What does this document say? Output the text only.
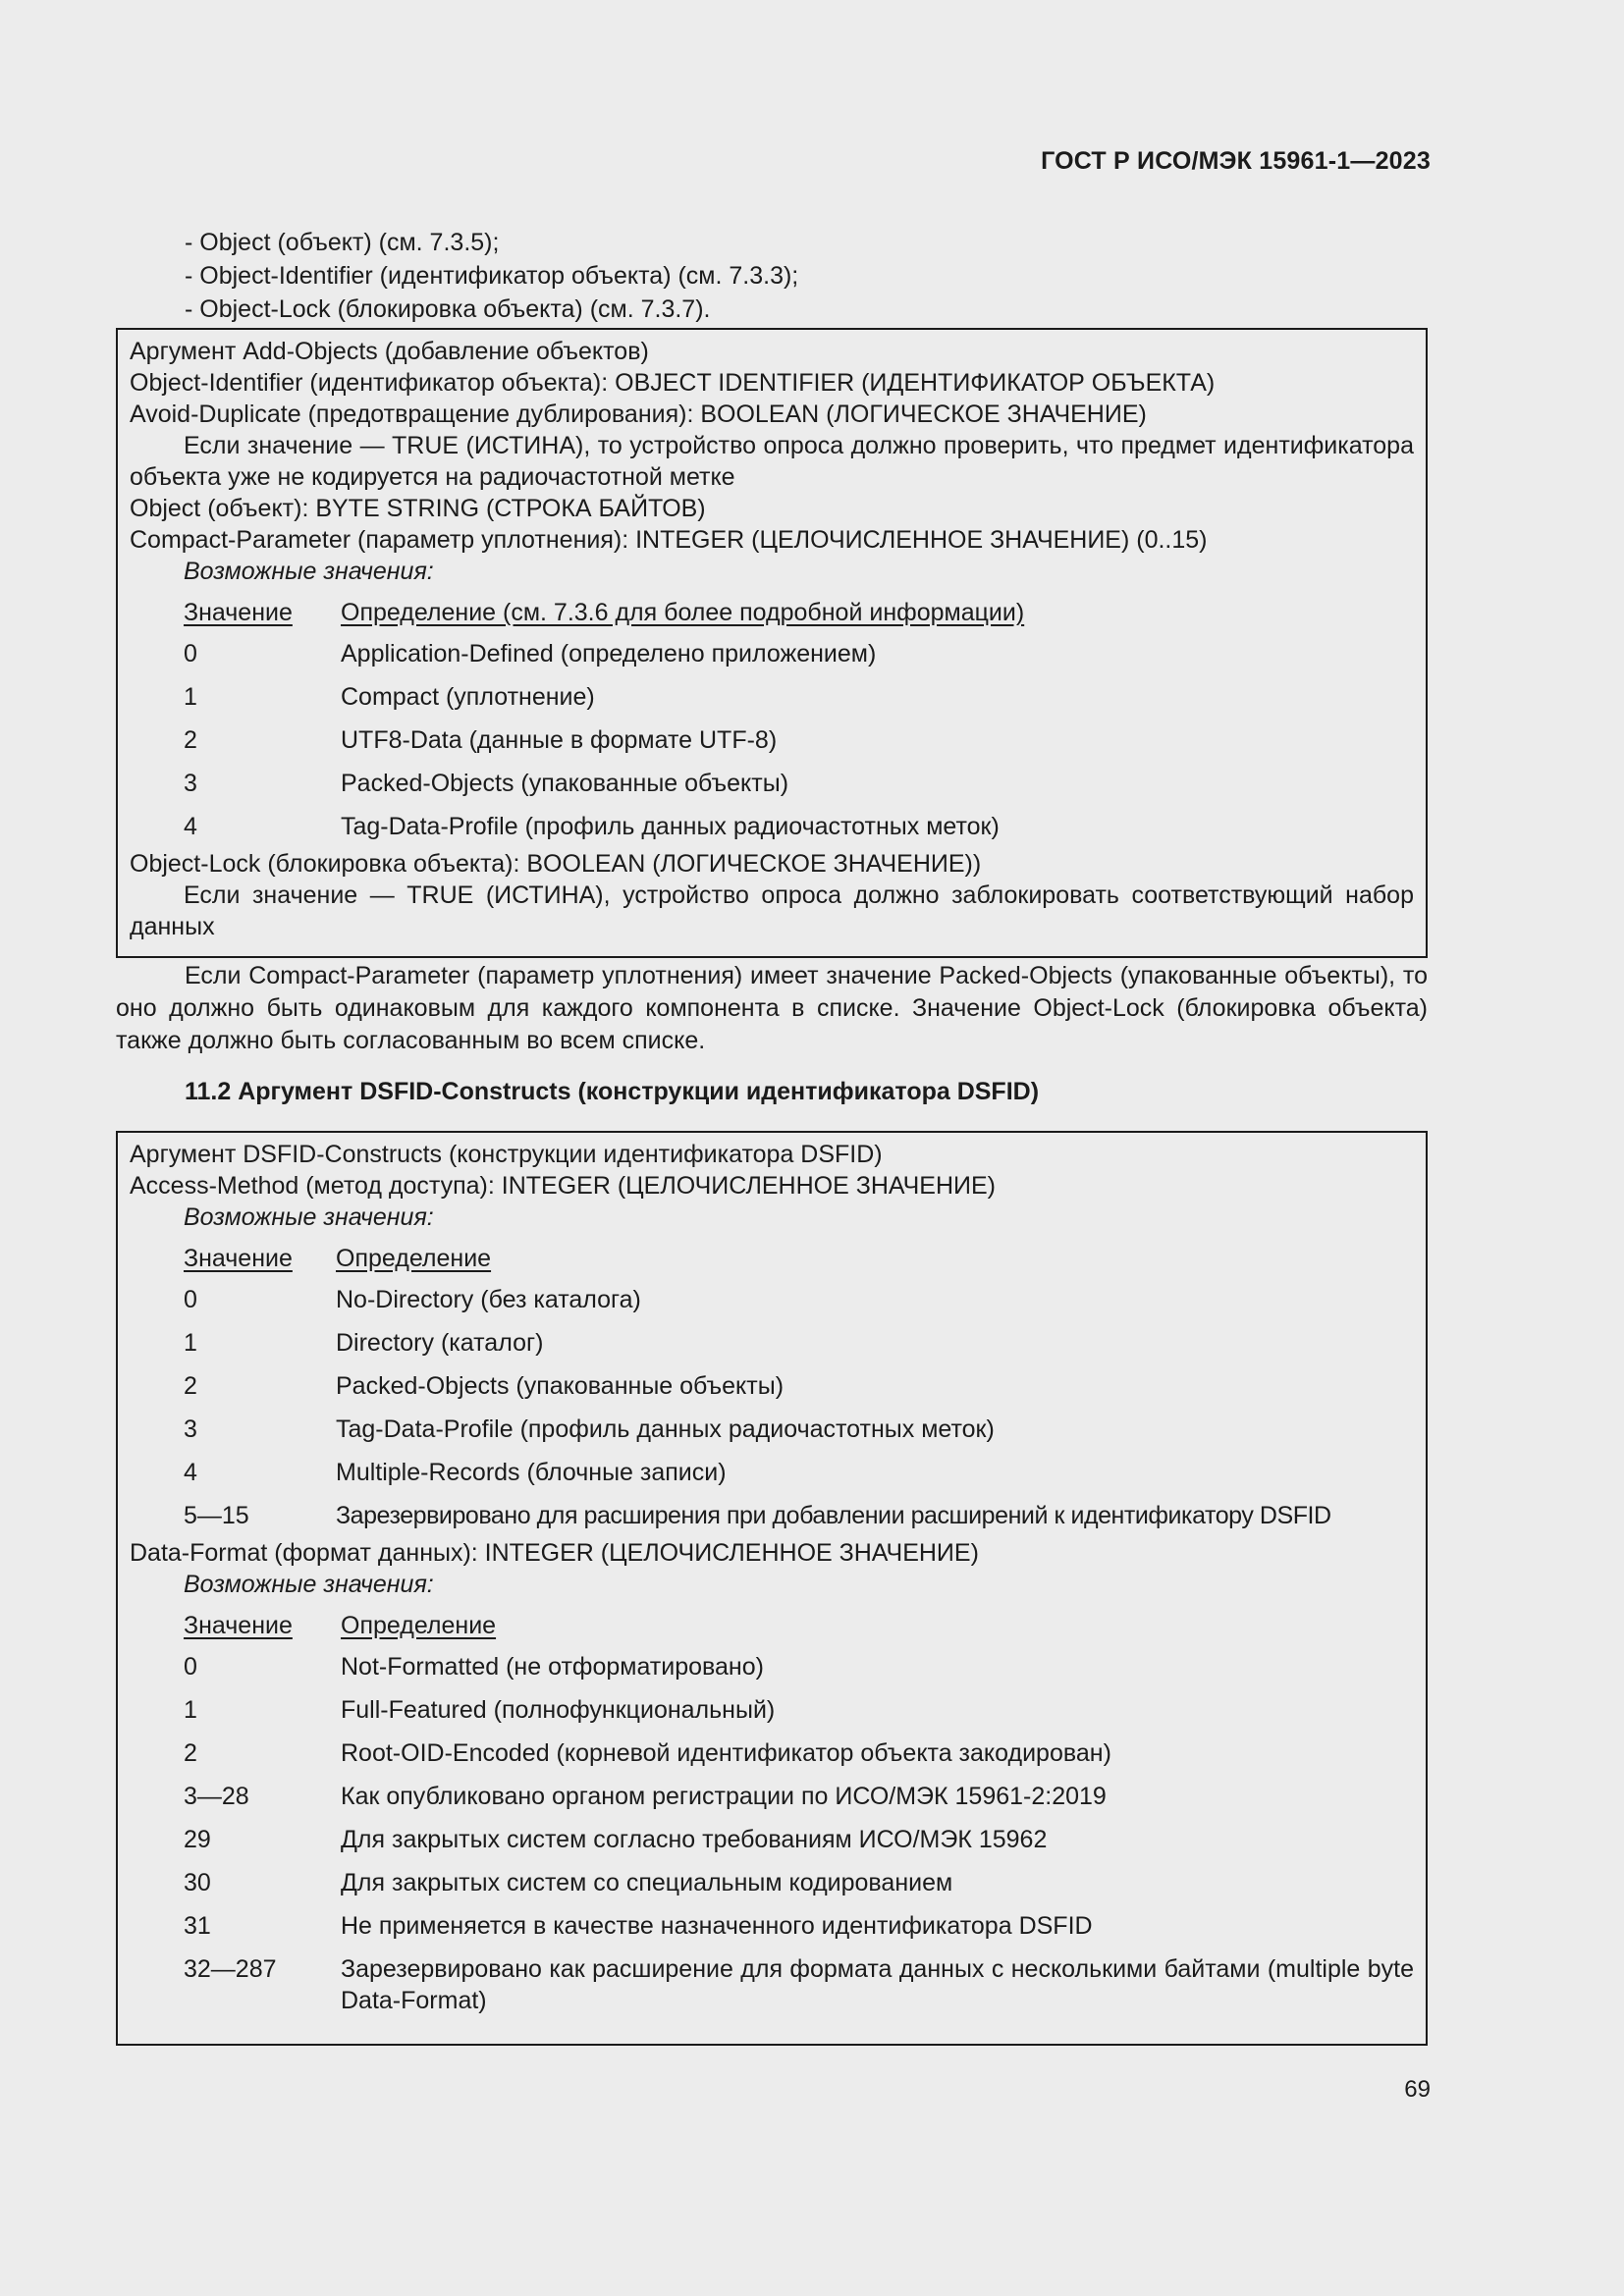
ГОСТ Р ИСО/МЭК 15961-1—2023
- Object (объект) (см. 7.3.5);
- Object-Identifier (идентификатор объекта) (см. 7.3.3);
- Object-Lock (блокировка объекта) (см. 7.3.7).
Аргумент Add-Objects (добавление объектов)
Object-Identifier (идентификатор объекта): OBJECT IDENTIFIER (ИДЕНТИФИКАТОР ОБЪЕКТА)
Avoid-Duplicate (предотвращение дублирования): BOOLEAN (ЛОГИЧЕСКОЕ ЗНАЧЕНИЕ)
Если значение — TRUE (ИСТИНА), то устройство опроса должно проверить, что предмет идентификатора объекта уже не кодируется на радиочастотной метке
Object (объект): BYTE STRING (СТРОКА БАЙТОВ)
Compact-Parameter (параметр уплотнения): INTEGER (ЦЕЛОЧИСЛЕННОЕ ЗНАЧЕНИЕ) (0..15)
Возможные значения:
Значение	Определение (см. 7.3.6 для более подробной информации)
0	Application-Defined (определено приложением)
1	Compact (уплотнение)
2	UTF8-Data (данные в формате UTF-8)
3	Packed-Objects (упакованные объекты)
4	Tag-Data-Profile (профиль данных радиочастотных меток)
Object-Lock (блокировка объекта): BOOLEAN (ЛОГИЧЕСКОЕ ЗНАЧЕНИЕ))
Если значение — TRUE (ИСТИНА), устройство опроса должно заблокировать соответствующий набор данных
Если Compact-Parameter (параметр уплотнения) имеет значение Packed-Objects (упакованные объекты), то оно должно быть одинаковым для каждого компонента в списке. Значение Object-Lock (блокировка объекта) также должно быть согласованным во всем списке.
11.2 Аргумент DSFID-Constructs (конструкции идентификатора DSFID)
Аргумент DSFID-Constructs (конструкции идентификатора DSFID)
Access-Method (метод доступа): INTEGER (ЦЕЛОЧИСЛЕННОЕ ЗНАЧЕНИЕ)
Возможные значения:
Значение	Определение
0	No-Directory (без каталога)
1	Directory (каталог)
2	Packed-Objects (упакованные объекты)
3	Tag-Data-Profile (профиль данных радиочастотных меток)
4	Multiple-Records (блочные записи)
5—15	Зарезервировано для расширения при добавлении расширений к идентификатору DSFID
Data-Format (формат данных): INTEGER (ЦЕЛОЧИСЛЕННОЕ ЗНАЧЕНИЕ)
Возможные значения:
Значение	Определение
0	Not-Formatted (не отформатировано)
1	Full-Featured (полнофункциональный)
2	Root-OID-Encoded (корневой идентификатор объекта закодирован)
3—28	Как опубликовано органом регистрации по ИСО/МЭК 15961-2:2019
29	Для закрытых систем согласно требованиям ИСО/МЭК 15962
30	Для закрытых систем со специальным кодированием
31	Не применяется в качестве назначенного идентификатора DSFID
32—287	Зарезервировано как расширение для формата данных с несколькими байтами (multiple byte Data-Format)
69
